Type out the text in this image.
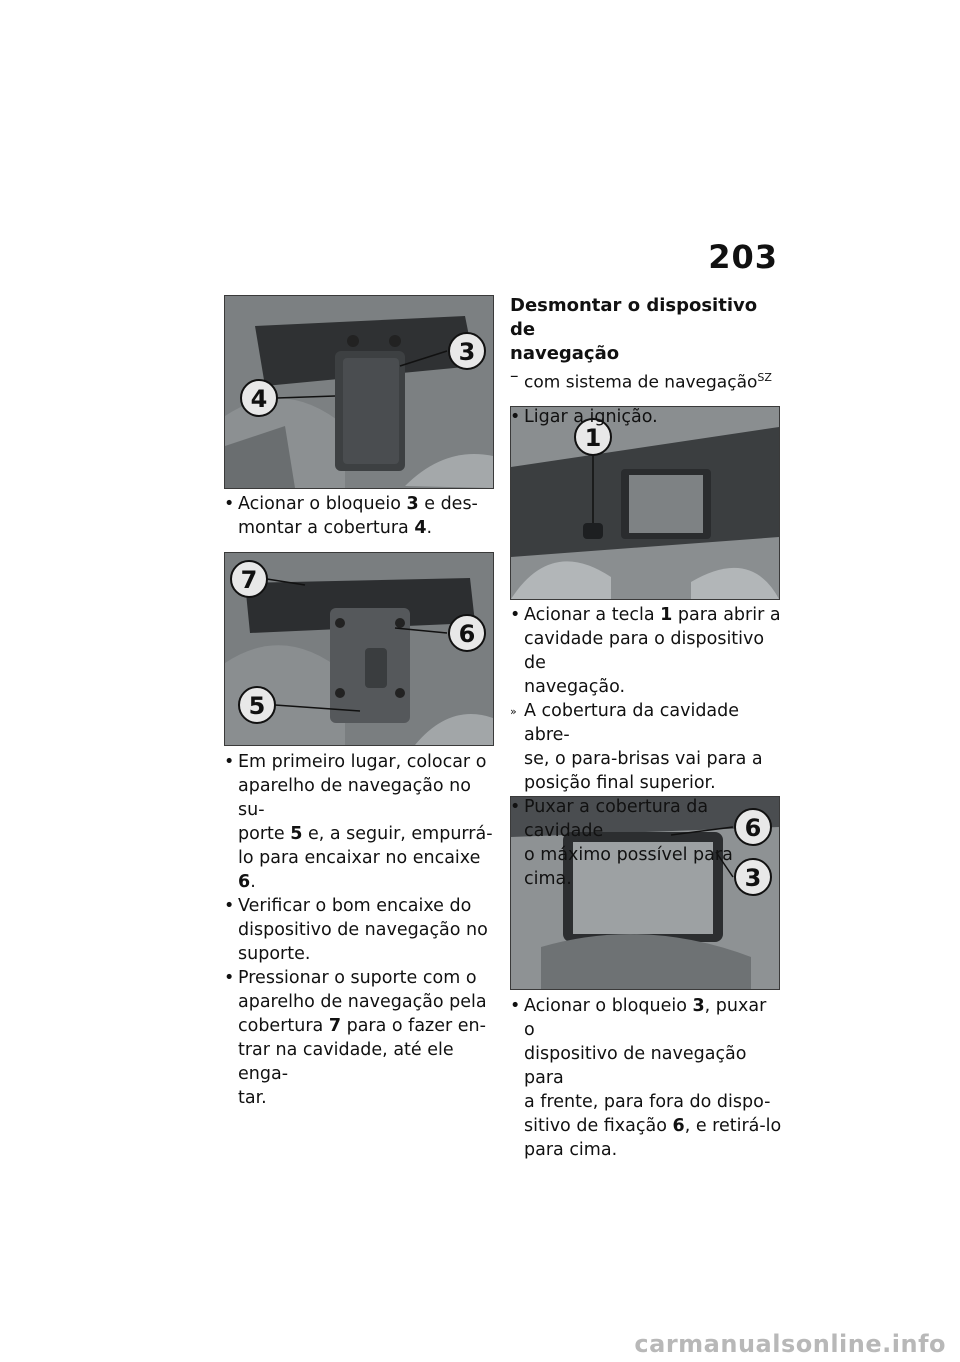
203
3
4
7
6
5
1
6
3
• Acionar o bloqueio 3 e des-
montar a cobertura 4.
• Em primeiro lugar, colocar o
aparelho de navegação no su-
porte 5 e, a seguir, empurrá-
lo para encaixar no encaixe 6.
• Verificar o bom encaixe do
dispositivo de navegação no
suporte.
• Pressionar o suporte com o
aparelho de navegação pela
cobertura 7 para o fazer en-
trar na cavidade, até ele enga-
tar.
Desmontar o dispositivo de
navegação
– com sistema de navegação$^{SZ}$
• Ligar a ignição.
• Acionar a tecla 1 para abrir a
cavidade para o dispositivo de
navegação.
» A cobertura da cavidade abre-
se, o para-brisas vai para a
posição final superior.
• Puxar a cobertura da cavidade
o máximo possível para cima.
• Acionar o bloqueio 3, puxar o
dispositivo de navegação para
a frente, para fora do dispo-
sitivo de fixação 6, e retirá-lo
para cima.
carmanualsonline.info
